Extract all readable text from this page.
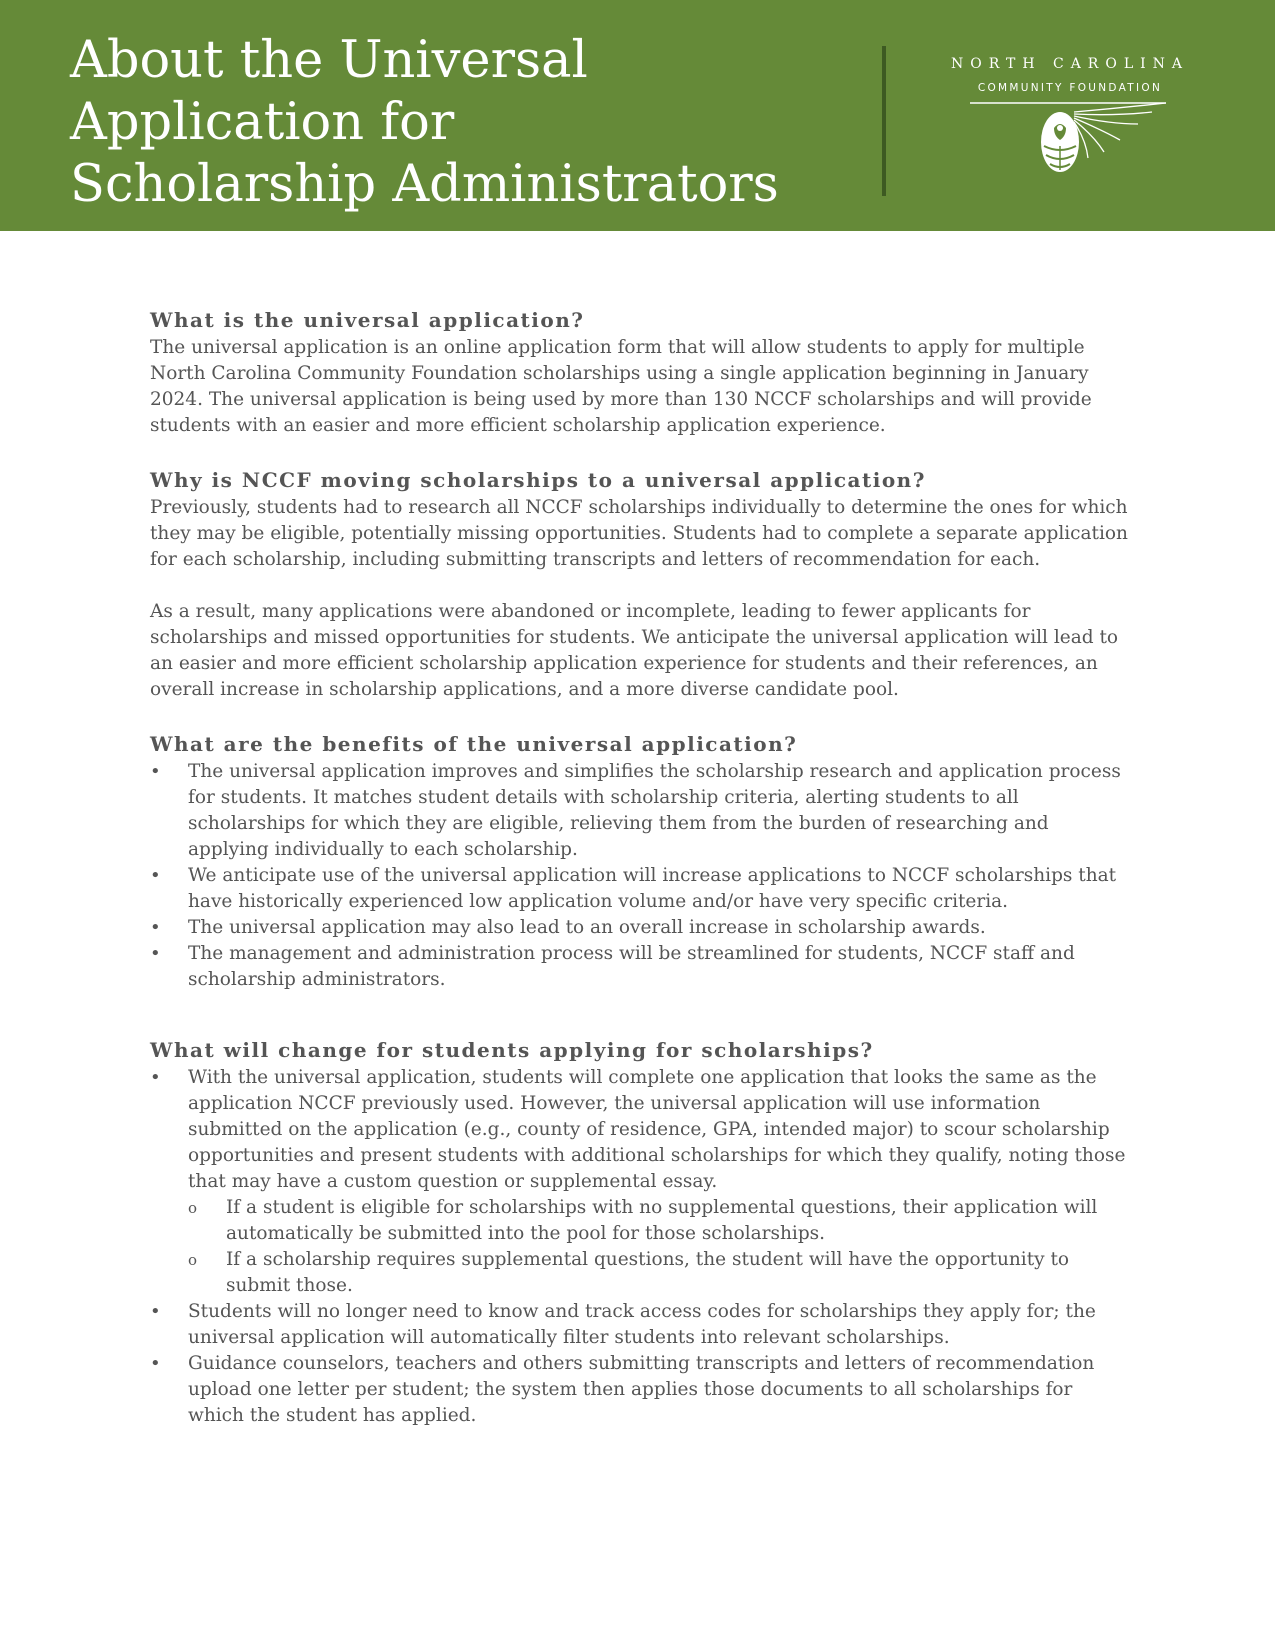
About the Universal
Application for
Scholarship Administrators
NORTH CAROLINA
COMMUNITY FOUNDATION
What is the universal application?

The universal application is an online application form that will allow students to apply for multiple North Carolina Community Foundation scholarships using a single application beginning in January 2024. The universal application is being used by more than 130 NCCF scholarships and will provide students with an easier and more efficient scholarship application experience.

Why is NCCF moving scholarships to a universal application?

Previously, students had to research all NCCF scholarships individually to determine the ones for which they may be eligible, potentially missing opportunities. Students had to complete a separate application for each scholarship, including submitting transcripts and letters of recommendation for each.

As a result, many applications were abandoned or incomplete, leading to fewer applicants for scholarships and missed opportunities for students. We anticipate the universal application will lead to an easier and more efficient scholarship application experience for students and their references, an overall increase in scholarship applications, and a more diverse candidate pool.

What are the benefits of the universal application?
• The universal application improves and simplifies the scholarship research and application process for students. It matches student details with scholarship criteria, alerting students to all scholarships for which they are eligible, relieving them from the burden of researching and applying individually to each scholarship.
• We anticipate use of the universal application will increase applications to NCCF scholarships that have historically experienced low application volume and/or have very specific criteria.
• The universal application may also lead to an overall increase in scholarship awards.
• The management and administration process will be streamlined for students, NCCF staff and scholarship administrators.
What will change for students applying for scholarships?
• With the universal application, students will complete one application that looks the same as the application NCCF previously used. However, the universal application will use information submitted on the application (e.g., county of residence, GPA, intended major) to scour scholarship opportunities and present students with additional scholarships for which they qualify, noting those that may have a custom question or supplemental essay.
o If a student is eligible for scholarships with no supplemental questions, their application will automatically be submitted into the pool for those scholarships.
o If a scholarship requires supplemental questions, the student will have the opportunity to submit those.
• Students will no longer need to know and track access codes for scholarships they apply for; the universal application will automatically filter students into relevant scholarships.
• Guidance counselors, teachers and others submitting transcripts and letters of recommendation upload one letter per student; the system then applies those documents to all scholarships for which the student has applied.
